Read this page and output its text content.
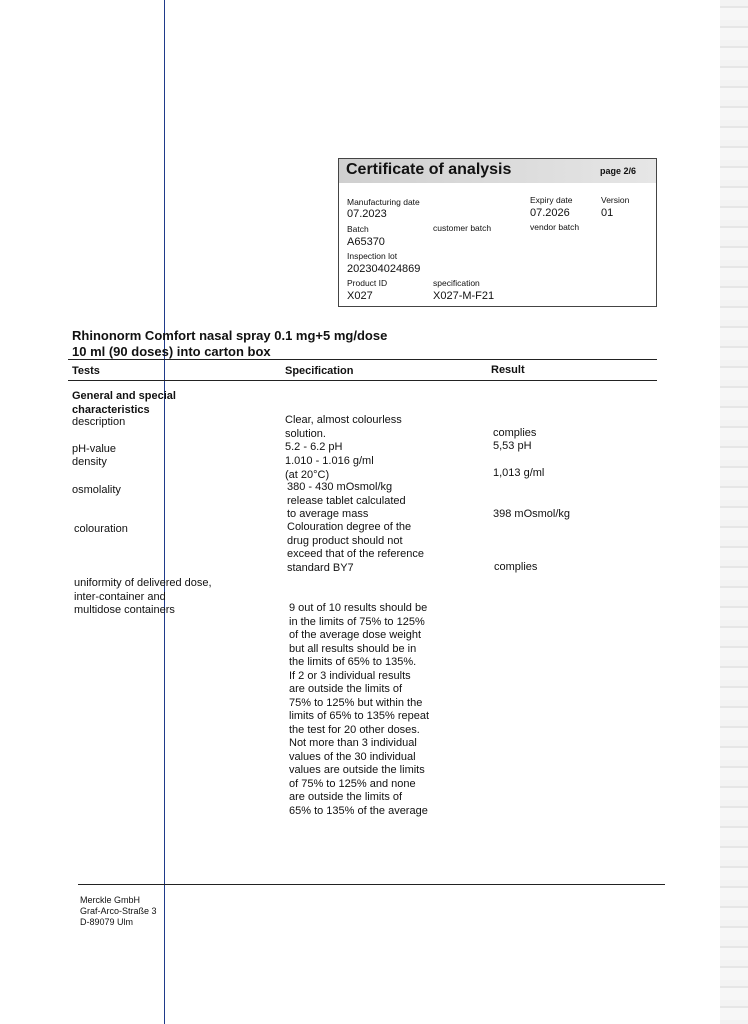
Certificate of analysis	page 2/6
Manufacturing date
07.2023
Expiry date
07.2026
Version
01
Batch
A65370
customer batch	vendor batch
Inspection lot
202304024869
Product ID
X027
specification
X027-M-F21
Rhinonorm Comfort nasal spray 0.1 mg+5 mg/dose
10 ml (90 doses) into carton box
Tests	Specification	Result
General and special
characteristics
description	Clear, almost colourless
solution.	complies
pH-value	5.2 - 6.2 pH	5,53 pH
density	1.010 - 1.016 g/ml
(at 20°C)	1,013 g/ml
osmolality	380 - 430 mOsmol/kg
release tablet calculated
to average mass	398 mOsmol/kg
colouration	Colouration degree of the
drug product should not
exceed that of the reference
standard BY7	complies
uniformity of delivered dose,
inter-container and
multidose containers	9 out of 10 results should be
in the limits of 75% to 125%
of the average dose weight
but all results should be in
the limits of 65% to 135%.
If 2 or 3 individual results
are outside the limits of
75% to 125% but within the
limits of 65% to 135% repeat
the test for 20 other doses.
Not more than 3 individual
values of the 30 individual
values are outside the limits
of 75% to 125% and none
are outside the limits of
65% to 135% of the average
Merckle GmbH
Graf-Arco-Straße 3
D-89079 Ulm
